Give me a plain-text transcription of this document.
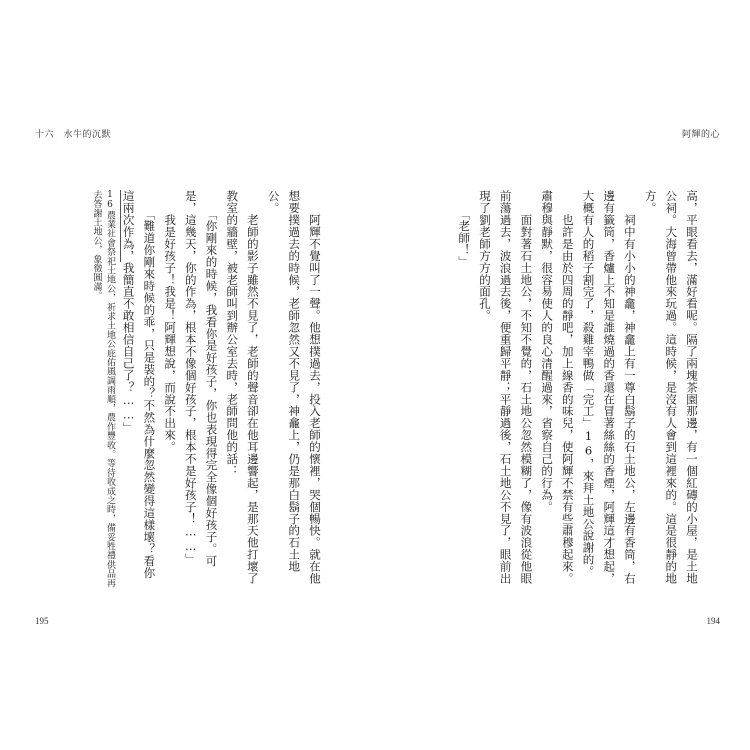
十六　水牛的沉默
　　阿輝不覺叫了一聲。他想撲過去，投入老師的懷裡，哭個暢快。就在他想要撲過去的時候，老師忽然又不見了，神龕上，仍是那白鬍子的石土地公。
　　老師的影子雖然不見了，老師的聲音卻在他耳邊響起，是那天他打壞了教室的牆壁，被老師叫到辦公室去時，老師問他的話：
　　「你剛來的時候，我看你是好孩子，你也表現得完全像個好孩子。可是，這幾天，你的作為，根本不像個好孩子，根本不是好孩子！……」
　　我是好孩子！我是！阿輝想說，而說不出來。
　　「難道你剛來時候的乖，只是裝的？不然為什麼忽然變得這樣壞？看你這兩次作為，我簡直不敢相信自己了？……」
16農業社會祭祀土地公，祈求土地公庇佑風調雨順，農作豐收。等待收成之時，備妥牲禮供品再去答謝土地公，象徵圓滿。
195
阿輝的心
高，平眼看去，滿好看呢。隔了兩塊茶園那邊，有一個紅磚的小屋，是土地公祠。大海曾帶他來玩過。這時候，是沒有人會到這裡來的。這是很靜的地方。
　　祠中有小小的神龕，神龕上有一尊白鬍子的石土地公，左邊有香筒，右邊有籤筒，香爐上不知是誰燒過的香還在冒著絲絲的香煙，阿輝這才想起，大概有人的稻子割完了，殺雞宰鴨做「完工」16，來拜土地公說謝的。
　　也許是由於四周的靜吧，加上線香的味兒，使阿輝不禁有些肅穆起來。肅穆與靜默，很容易使人的良心清醒過來，省察自己的行為。
　　面對著石土地公，不知不覺的，石土地公忽然模糊了，像有波浪從他眼前蕩過去，波浪過去後，便重歸平靜；平靜過後，石土地公不見了，眼前出現了劉老師方方的面孔。
　　「老師！」
194
